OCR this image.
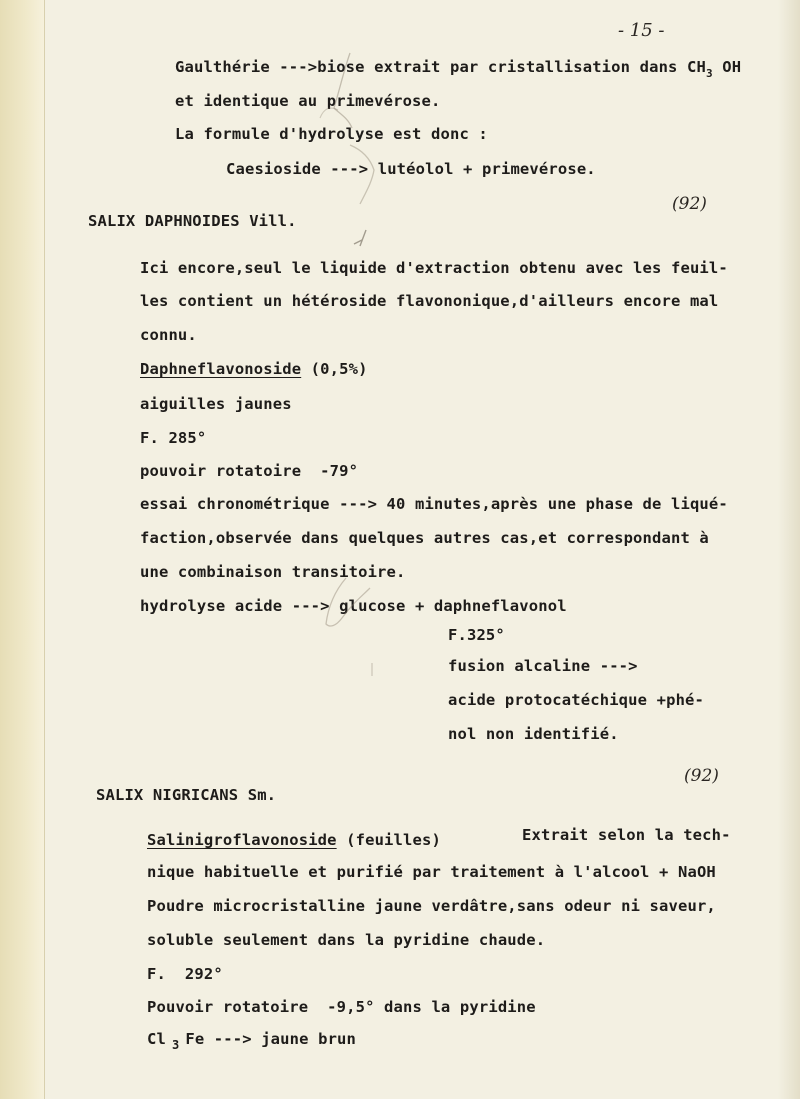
- 15 -
Gaulthérie --->biose extrait par cristallisation dans $CH_3$ OH
et identique au primevérose.
La formule d'hydrolyse est donc :
Caesioside ---> lutéolol + primevérose.
SALIX DAPHNOIDES Vill.
(92)
Ici encore,seul le liquide d'extraction obtenu avec les feuil-
les contient un hétéroside flavononique,d'ailleurs encore mal
connu.
Daphneflavonoside (0,5%)
aiguilles jaunes
F. 285°
pouvoir rotatoire  -79°
essai chronométrique ---> 40 minutes,après une phase de liqué-
faction,observée dans quelques autres cas,et correspondant à
une combinaison transitoire.
hydrolyse acide ---> glucose + daphneflavonol
F.325°
fusion alcaline --->
acide protocatéchique +phé-
nol non identifié.
SALIX NIGRICANS Sm.
(92)
Salinigroflavonoside (feuilles)	Extrait selon la tech-
nique habituelle et purifié par traitement à l'alcool + NaOH
Poudre microcristalline jaune verdâtre,sans odeur ni saveur,
soluble seulement dans la pyridine chaude.
F.  292°
Pouvoir rotatoire  -9,5° dans la pyridine
Cl $_3$ Fe ---> jaune brun
